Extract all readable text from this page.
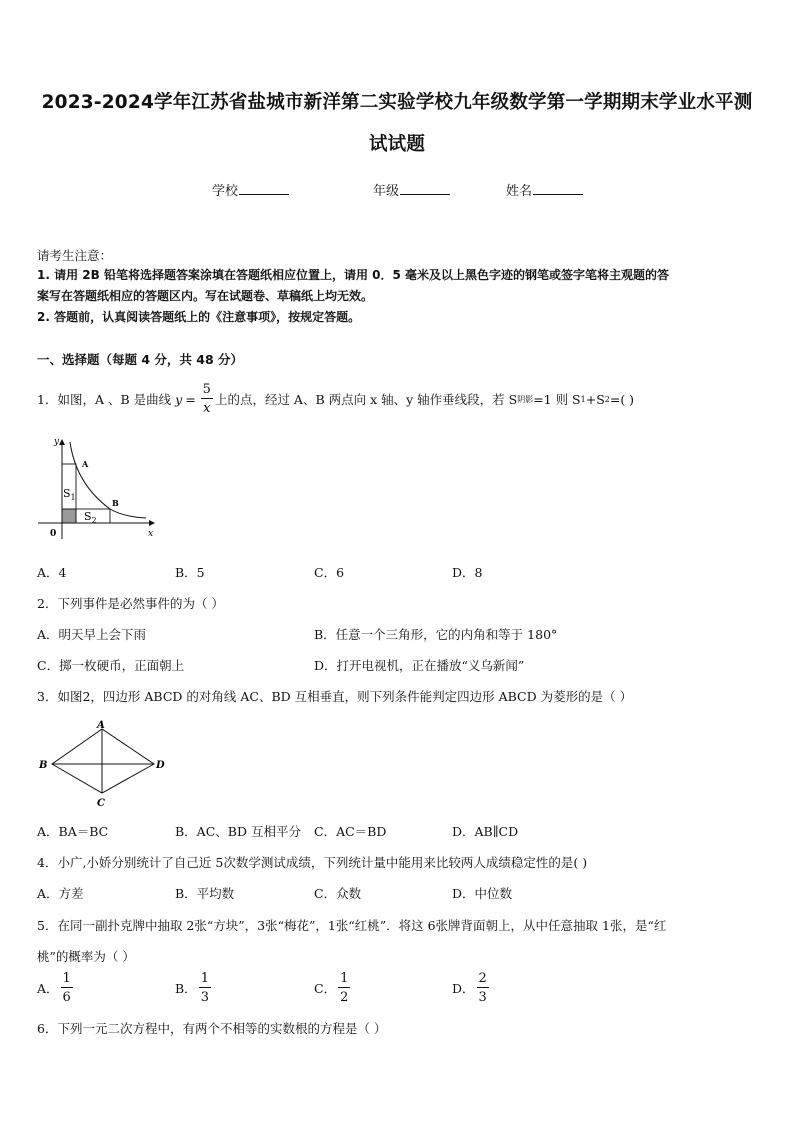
2023-2024学年江苏省盐城市新洋第二实验学校九年级数学第一学期期末学业水平测
试试题
学校	年级	姓名
请考生注意：
1. 请用 2B 铅笔将选择题答案涂填在答题纸相应位置上，请用 0．5 毫米及以上黑色字迹的钢笔或签字笔将主观题的答
案写在答题纸相应的答题区内。写在试题卷、草稿纸上均无效。
2. 答题前，认真阅读答题纸上的《注意事项》，按规定答题。
一、选择题（每题 4 分，共 48 分）
1．如图，A 、B 是曲线 $y = \frac{5}{x}$ 上的点，经过 A、B 两点向 x 轴、y 轴作垂线段，若 S 阴影 =1 则 S 1 +S 2 =( )
y
A
B
$S_1$
$S_2$
0	x
A．4	B．5	C．6	D．8
2．下列事件是必然事件的为（ ）
A．明天早上会下雨	B．任意一个三角形，它的内角和等于 180°
C．掷一枚硬币，正面朝上	D．打开电视机，正在播放“义乌新闻”
3．如图2，四边形 ABCD 的对角线 AC、BD 互相垂直，则下列条件能判定四边形 ABCD 为菱形的是（ ）
A
B
C
D
A．BA＝BC	B．AC、BD 互相平分 C．AC＝BD	D．AB∥CD
4．小广,小娇分别统计了自己近 5次数学测试成绩，下列统计量中能用来比较两人成绩稳定性的是( )
A．方差	B．平均数	C．众数	D．中位数
5．在同一副扑克牌中抽取 2张“方块”，3张“梅花”，1张“红桃”．将这 6张牌背面朝上，从中任意抽取 1张，是“红
桃”的概率为（ ）
A． $\frac{1}{6}$	B． $\frac{1}{3}$	C． $\frac{1}{2}$	D． $\frac{2}{3}$
6．下列一元二次方程中，有两个不相等的实数根的方程是（ ）
